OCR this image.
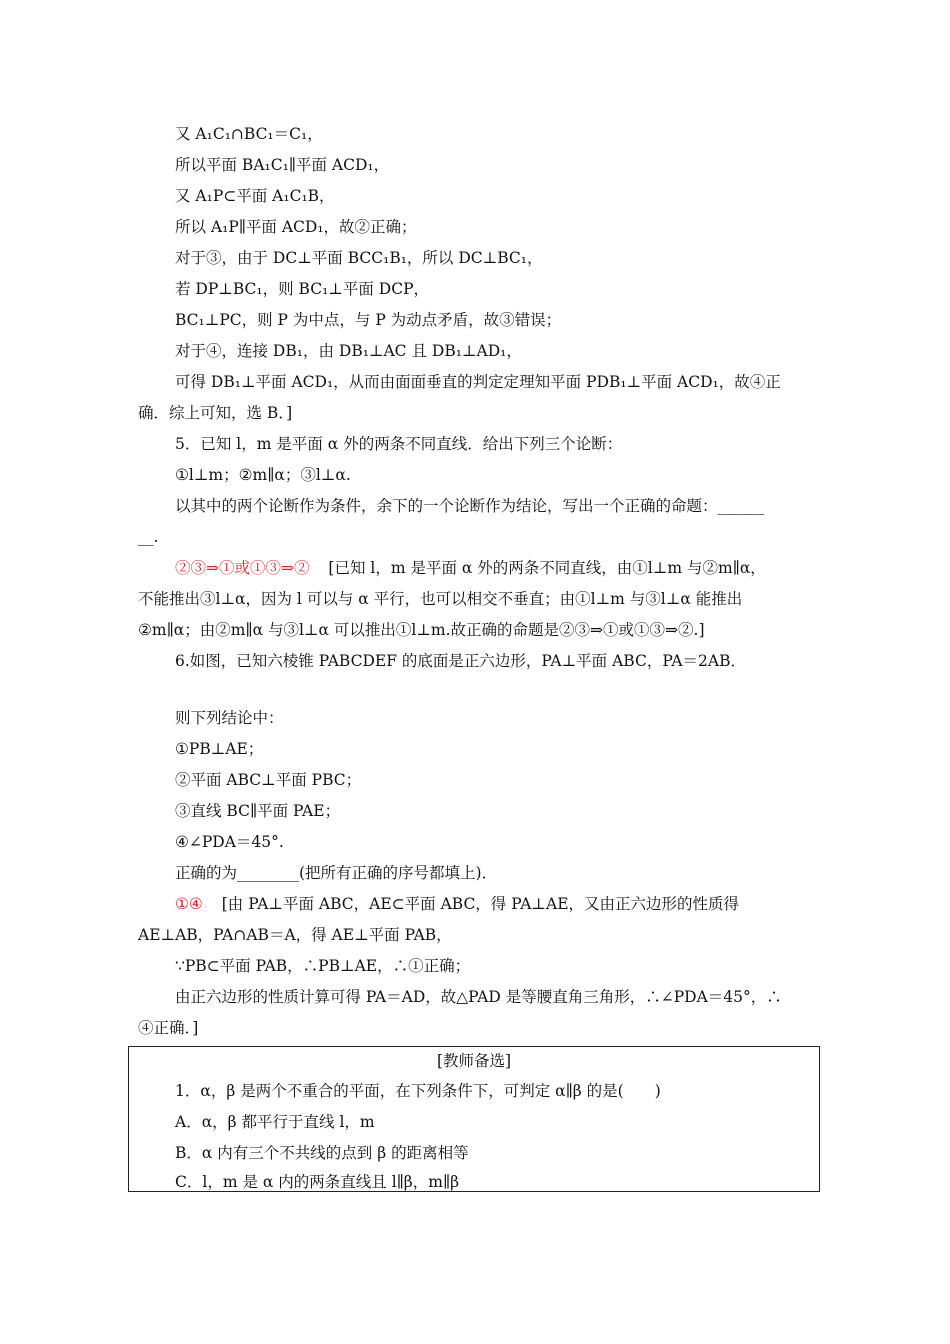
又 A₁C₁∩BC₁＝C₁，
所以平面 BA₁C₁∥平面 ACD₁，
又 A₁P⊂平面 A₁C₁B，
所以 A₁P∥平面 ACD₁，故②正确；
对于③，由于 DC⊥平面 BCC₁B₁，所以 DC⊥BC₁，
若 DP⊥BC₁，则 BC₁⊥平面 DCP，
BC₁⊥PC，则 P 为中点，与 P 为动点矛盾，故③错误；
对于④，连接 DB₁，由 DB₁⊥AC 且 DB₁⊥AD₁，
可得 DB₁⊥平面 ACD₁，从而由面面垂直的判定定理知平面 PDB₁⊥平面 ACD₁，故④正
确．综上可知，选 B．]
5．已知 l，m 是平面 α 外的两条不同直线．给出下列三个论断：
①l⊥m；②m∥α；③l⊥α.
以其中的两个论断作为条件，余下的一个论断作为结论，写出一个正确的命题：______
__.
②③⇒①或①③⇒② [已知 l，m 是平面 α 外的两条不同直线，由①l⊥m 与②m∥α，
不能推出③l⊥α，因为 l 可以与 α 平行，也可以相交不垂直；由①l⊥m 与③l⊥α 能推出
②m∥α；由②m∥α 与③l⊥α 可以推出①l⊥m.故正确的命题是②③⇒①或①③⇒②.]
6.如图，已知六棱锥 PABCDEF 的底面是正六边形，PA⊥平面 ABC，PA＝2AB．
则下列结论中：
①PB⊥AE；
②平面 ABC⊥平面 PBC；
③直线 BC∥平面 PAE；
④∠PDA＝45°.
正确的为________(把所有正确的序号都填上)．
①④ [由 PA⊥平面 ABC，AE⊂平面 ABC，得 PA⊥AE，又由正六边形的性质得
AE⊥AB，PA∩AB＝A，得 AE⊥平面 PAB，
∵PB⊂平面 PAB，∴PB⊥AE，∴①正确；
由正六边形的性质计算可得 PA＝AD，故△PAD 是等腰直角三角形，∴∠PDA＝45°，∴
④正确．]
[教师备选]
1．α，β 是两个不重合的平面，在下列条件下，可判定 α∥β 的是(　　)
A．α，β 都平行于直线 l，m
B．α 内有三个不共线的点到 β 的距离相等
C．l，m 是 α 内的两条直线且 l∥β，m∥β
